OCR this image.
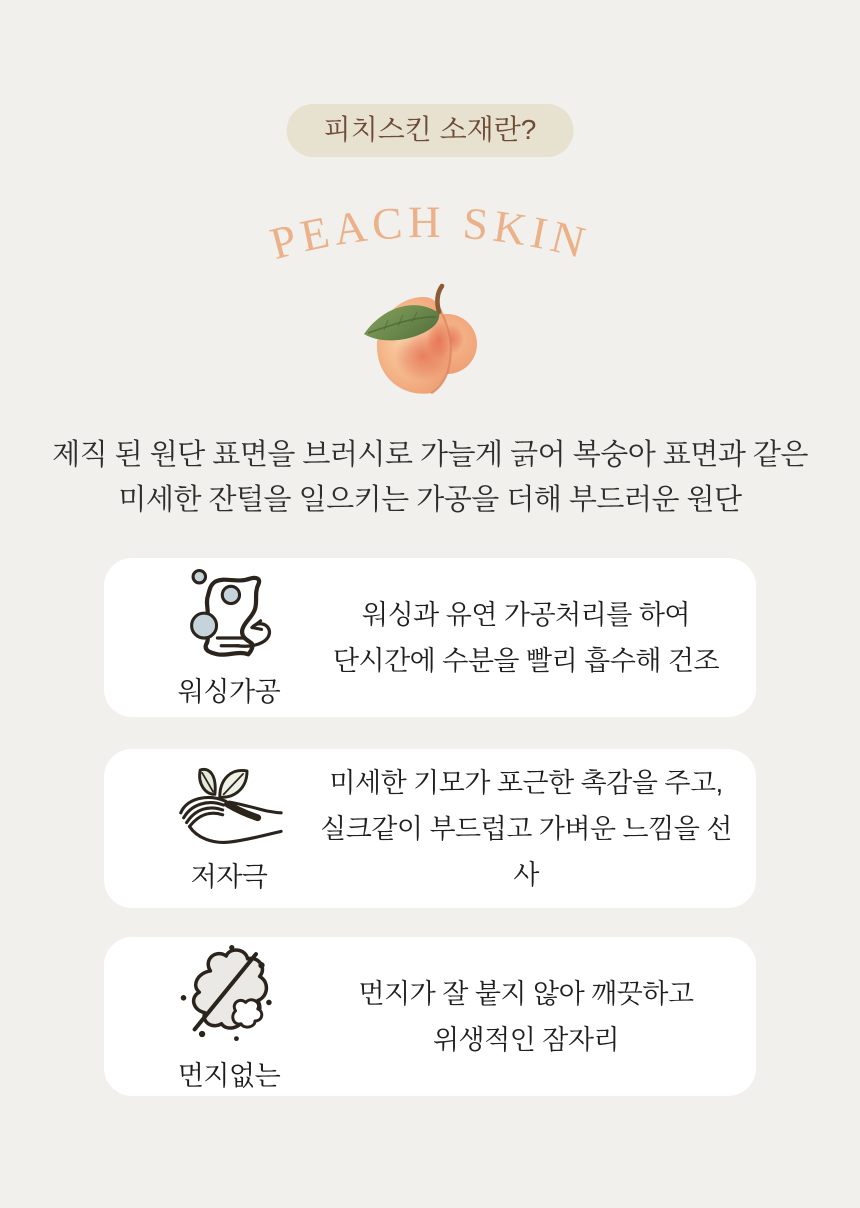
피치스킨 소재란?
PEACH SKIN
제직 된 원단 표면을 브러시로 가늘게 긁어 복숭아 표면과 같은
미세한 잔털을 일으키는 가공을 더해 부드러운 원단
워싱가공
워싱과 유연 가공처리를 하여
단시간에 수분을 빨리 흡수해 건조
저자극
미세한 기모가 포근한 촉감을 주고,
실크같이 부드럽고 가벼운 느낌을 선사
먼지없는
먼지가 잘 붙지 않아 깨끗하고
위생적인 잠자리
